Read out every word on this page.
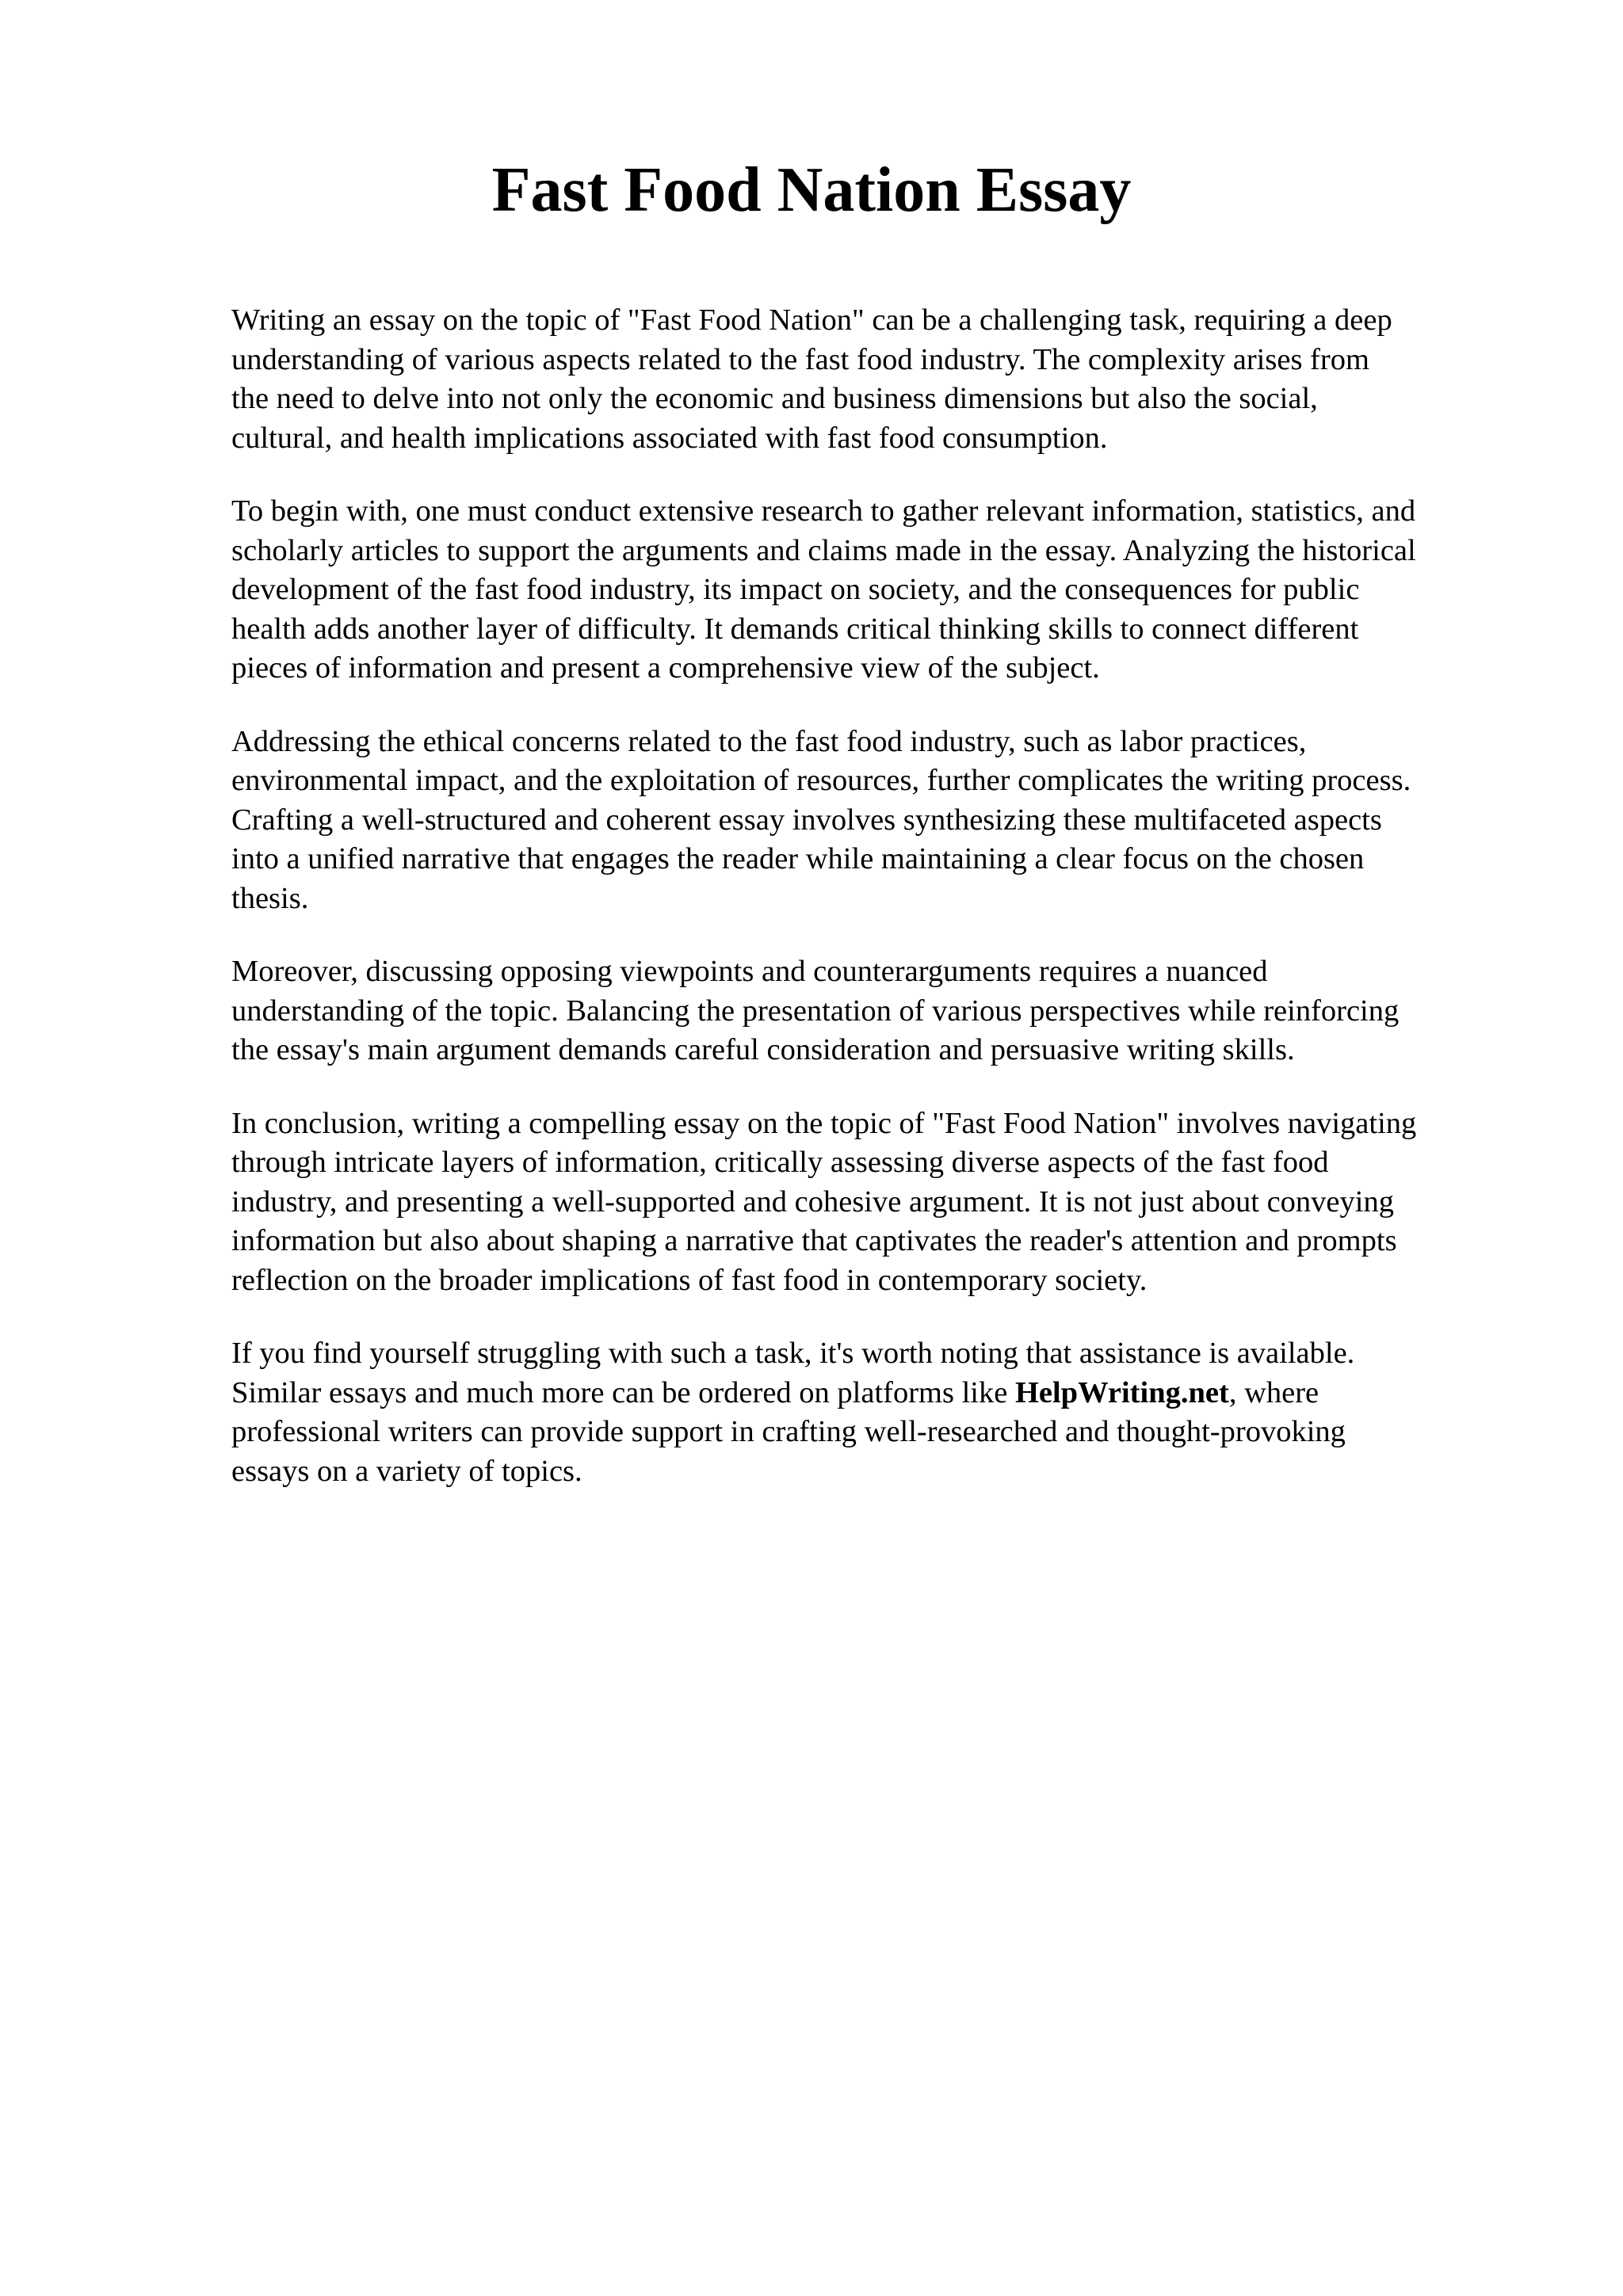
Fast Food Nation Essay

Writing an essay on the topic of "Fast Food Nation" can be a challenging task, requiring a deep
understanding of various aspects related to the fast food industry. The complexity arises from
the need to delve into not only the economic and business dimensions but also the social,
cultural, and health implications associated with fast food consumption.

To begin with, one must conduct extensive research to gather relevant information, statistics, and
scholarly articles to support the arguments and claims made in the essay. Analyzing the historical
development of the fast food industry, its impact on society, and the consequences for public
health adds another layer of difficulty. It demands critical thinking skills to connect different
pieces of information and present a comprehensive view of the subject.

Addressing the ethical concerns related to the fast food industry, such as labor practices,
environmental impact, and the exploitation of resources, further complicates the writing process.
Crafting a well-structured and coherent essay involves synthesizing these multifaceted aspects
into a unified narrative that engages the reader while maintaining a clear focus on the chosen
thesis.

Moreover, discussing opposing viewpoints and counterarguments requires a nuanced
understanding of the topic. Balancing the presentation of various perspectives while reinforcing
the essay's main argument demands careful consideration and persuasive writing skills.

In conclusion, writing a compelling essay on the topic of "Fast Food Nation" involves navigating
through intricate layers of information, critically assessing diverse aspects of the fast food
industry, and presenting a well-supported and cohesive argument. It is not just about conveying
information but also about shaping a narrative that captivates the reader's attention and prompts
reflection on the broader implications of fast food in contemporary society.

If you find yourself struggling with such a task, it's worth noting that assistance is available.
Similar essays and much more can be ordered on platforms like HelpWriting.net, where
professional writers can provide support in crafting well-researched and thought-provoking
essays on a variety of topics.
